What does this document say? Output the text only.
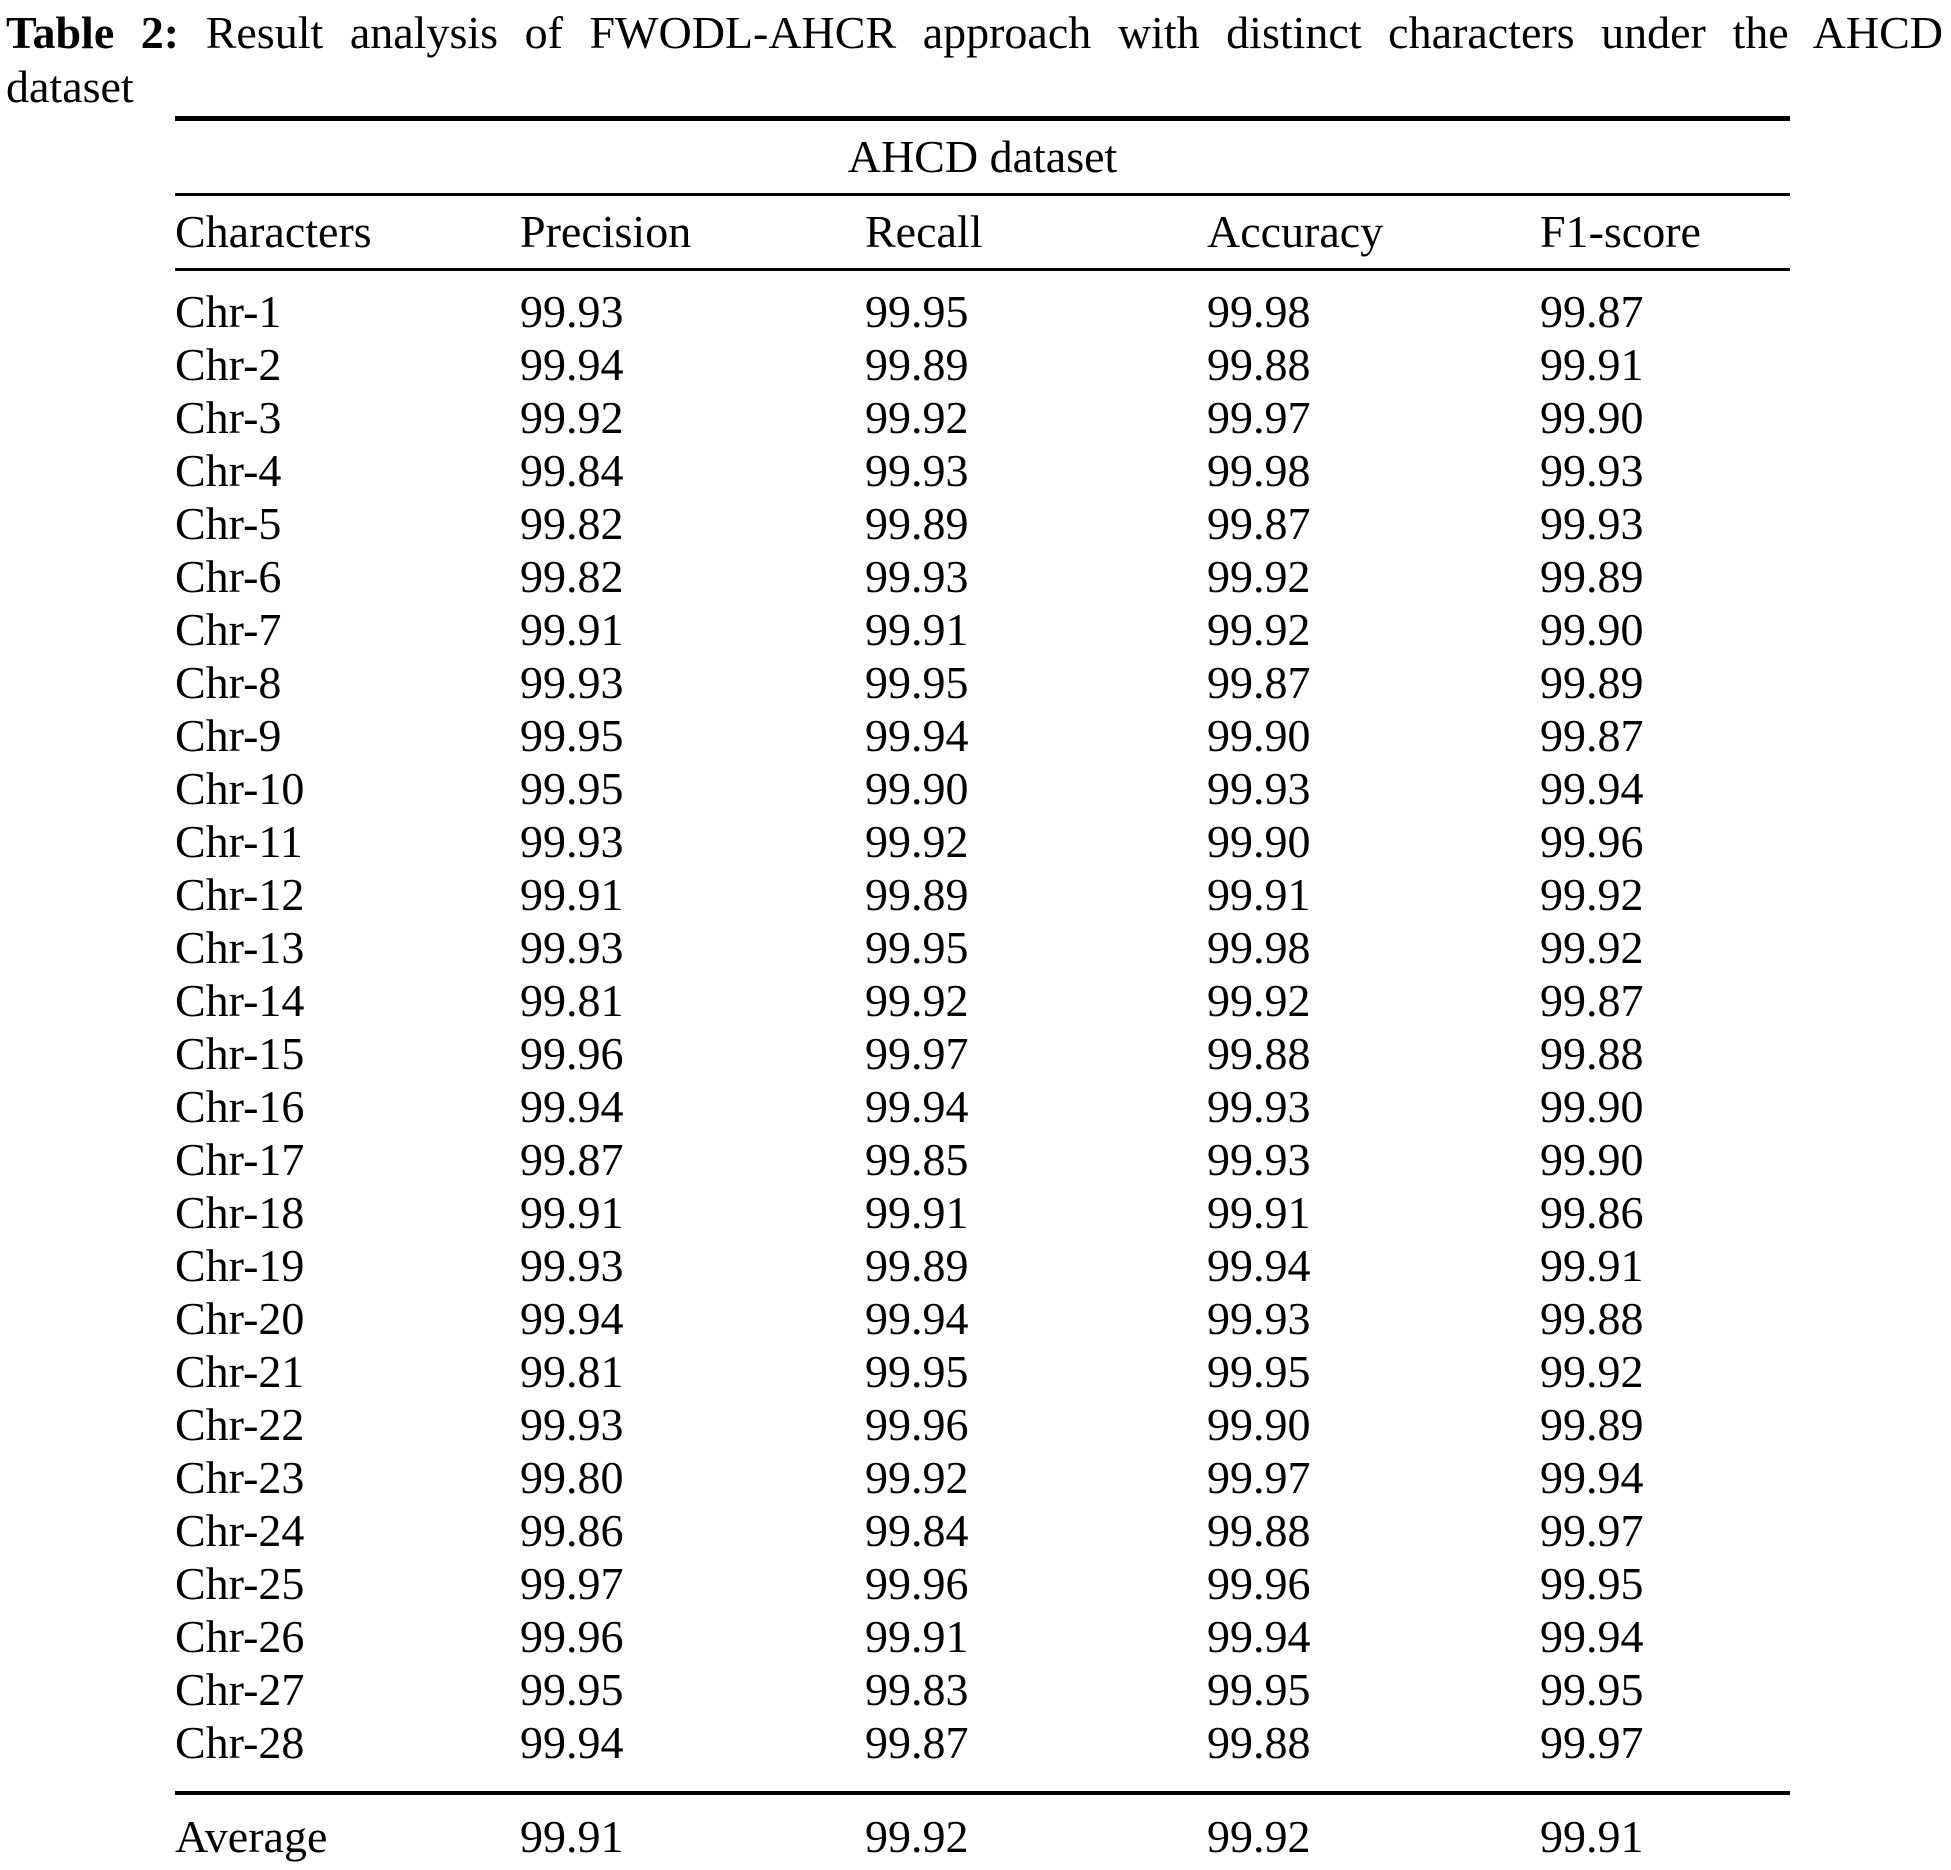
Table 2: Result analysis of FWODL-AHCR approach with distinct characters under the AHCD
dataset
AHCD dataset				
Characters	Precision	Recall	Accuracy	F1-score
Chr-1	99.93	99.95	99.98	99.87
Chr-2	99.94	99.89	99.88	99.91
Chr-3	99.92	99.92	99.97	99.90
Chr-4	99.84	99.93	99.98	99.93
Chr-5	99.82	99.89	99.87	99.93
Chr-6	99.82	99.93	99.92	99.89
Chr-7	99.91	99.91	99.92	99.90
Chr-8	99.93	99.95	99.87	99.89
Chr-9	99.95	99.94	99.90	99.87
Chr-10	99.95	99.90	99.93	99.94
Chr-11	99.93	99.92	99.90	99.96
Chr-12	99.91	99.89	99.91	99.92
Chr-13	99.93	99.95	99.98	99.92
Chr-14	99.81	99.92	99.92	99.87
Chr-15	99.96	99.97	99.88	99.88
Chr-16	99.94	99.94	99.93	99.90
Chr-17	99.87	99.85	99.93	99.90
Chr-18	99.91	99.91	99.91	99.86
Chr-19	99.93	99.89	99.94	99.91
Chr-20	99.94	99.94	99.93	99.88
Chr-21	99.81	99.95	99.95	99.92
Chr-22	99.93	99.96	99.90	99.89
Chr-23	99.80	99.92	99.97	99.94
Chr-24	99.86	99.84	99.88	99.97
Chr-25	99.97	99.96	99.96	99.95
Chr-26	99.96	99.91	99.94	99.94
Chr-27	99.95	99.83	99.95	99.95
Chr-28	99.94	99.87	99.88	99.97
Average	99.91	99.92	99.92	99.91
